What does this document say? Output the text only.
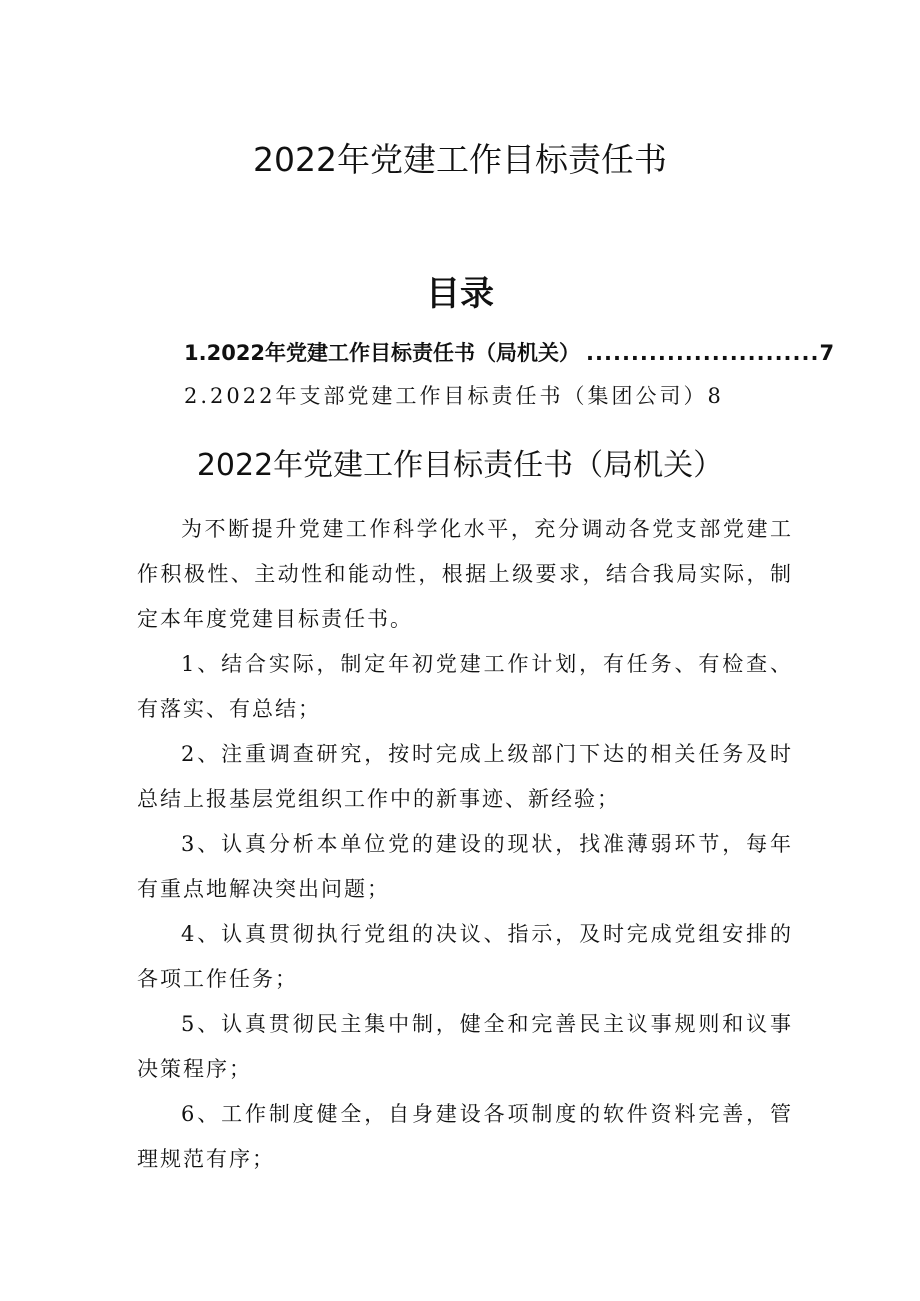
2022年党建工作目标责任书
目录
1.2022年党建工作目标责任书（局机关） .......................... 7
2.2022年支部党建工作目标责任书（集团公司） 8
2022年党建工作目标责任书（局机关）

为不断提升党建工作科学化水平，充分调动各党支部党建工作积极性、主动性和能动性，根据上级要求，结合我局实际，制定本年度党建目标责任书。

1、结合实际，制定年初党建工作计划，有任务、有检查、有落实、有总结；

2、注重调查研究，按时完成上级部门下达的相关任务及时总结上报基层党组织工作中的新事迹、新经验；

3、认真分析本单位党的建设的现状，找准薄弱环节，每年有重点地解决突出问题；

4、认真贯彻执行党组的决议、指示，及时完成党组安排的各项工作任务；

5、认真贯彻民主集中制，健全和完善民主议事规则和议事决策程序；

6、工作制度健全，自身建设各项制度的软件资料完善，管理规范有序；
